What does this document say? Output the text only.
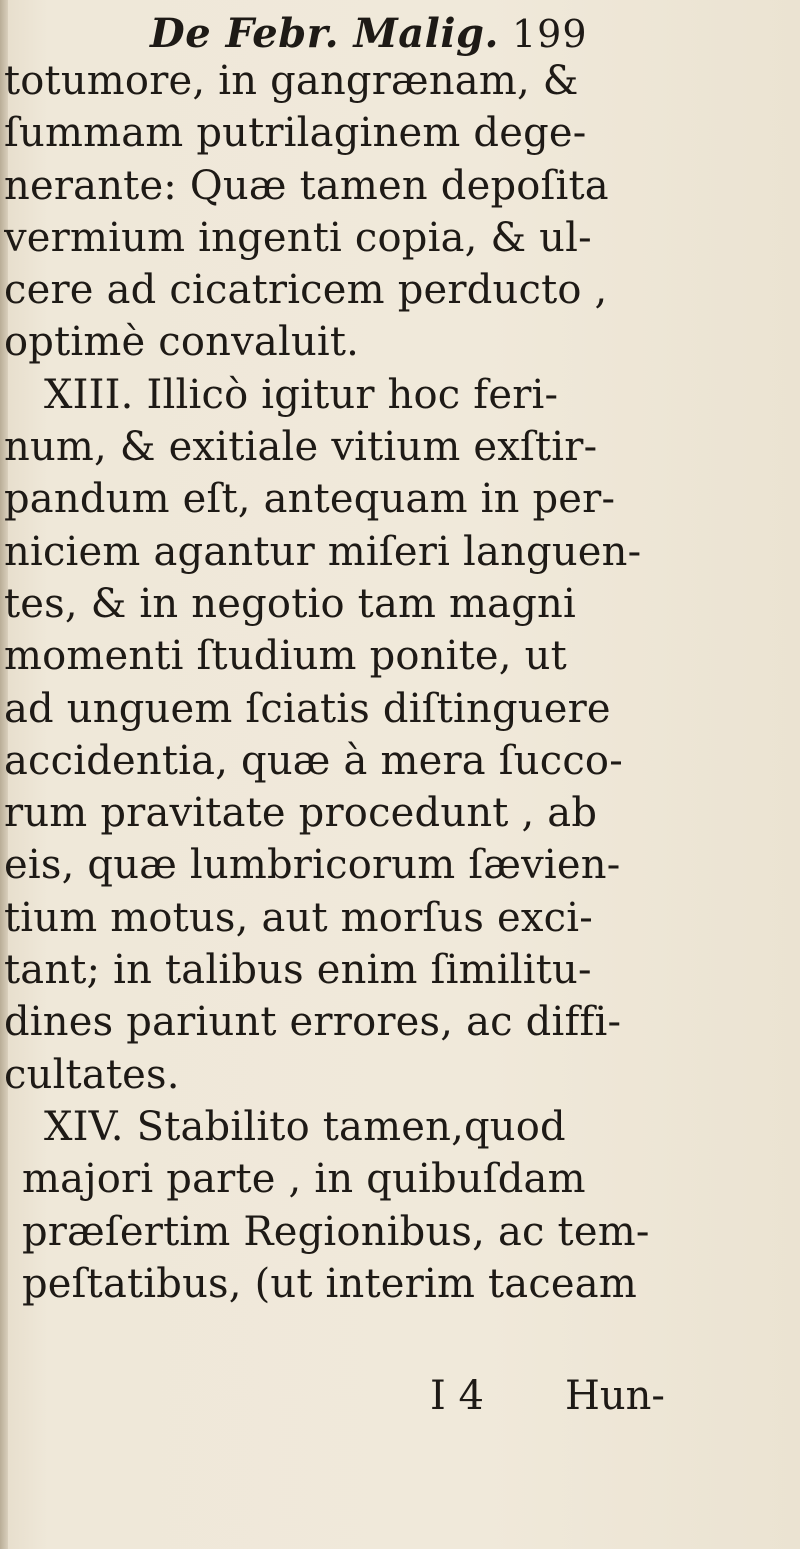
De Febr. Malig. 199
totumore, in gangrænam, &
ſummam putrilaginem dege-
nerante: Quæ tamen depoſita
vermium ingenti copia, & ul-
cere ad cicatricem perducto ,
optimè convaluit.
XIII. Illicò igitur hoc feri-
num, & exitiale vitium exſtir-
pandum eſt, antequam in per-
niciem agantur miſeri languen-
tes, & in negotio tam magni
momenti ſtudium ponite, ut
ad unguem ſciatis diſtinguere
accidentia, quæ à mera ſucco-
rum pravitate procedunt , ab
eis, quæ lumbricorum ſævien-
tium motus, aut morſus exci-
tant; in talibus enim ſimilitu-
dines pariunt errores, ac diffi-
cultates.
XIV. Stabilito tamen,quod
majori parte , in quibuſdam
præſertim Regionibus, ac tem-
peſtatibus, (ut interim taceam
I 4 Hun-
